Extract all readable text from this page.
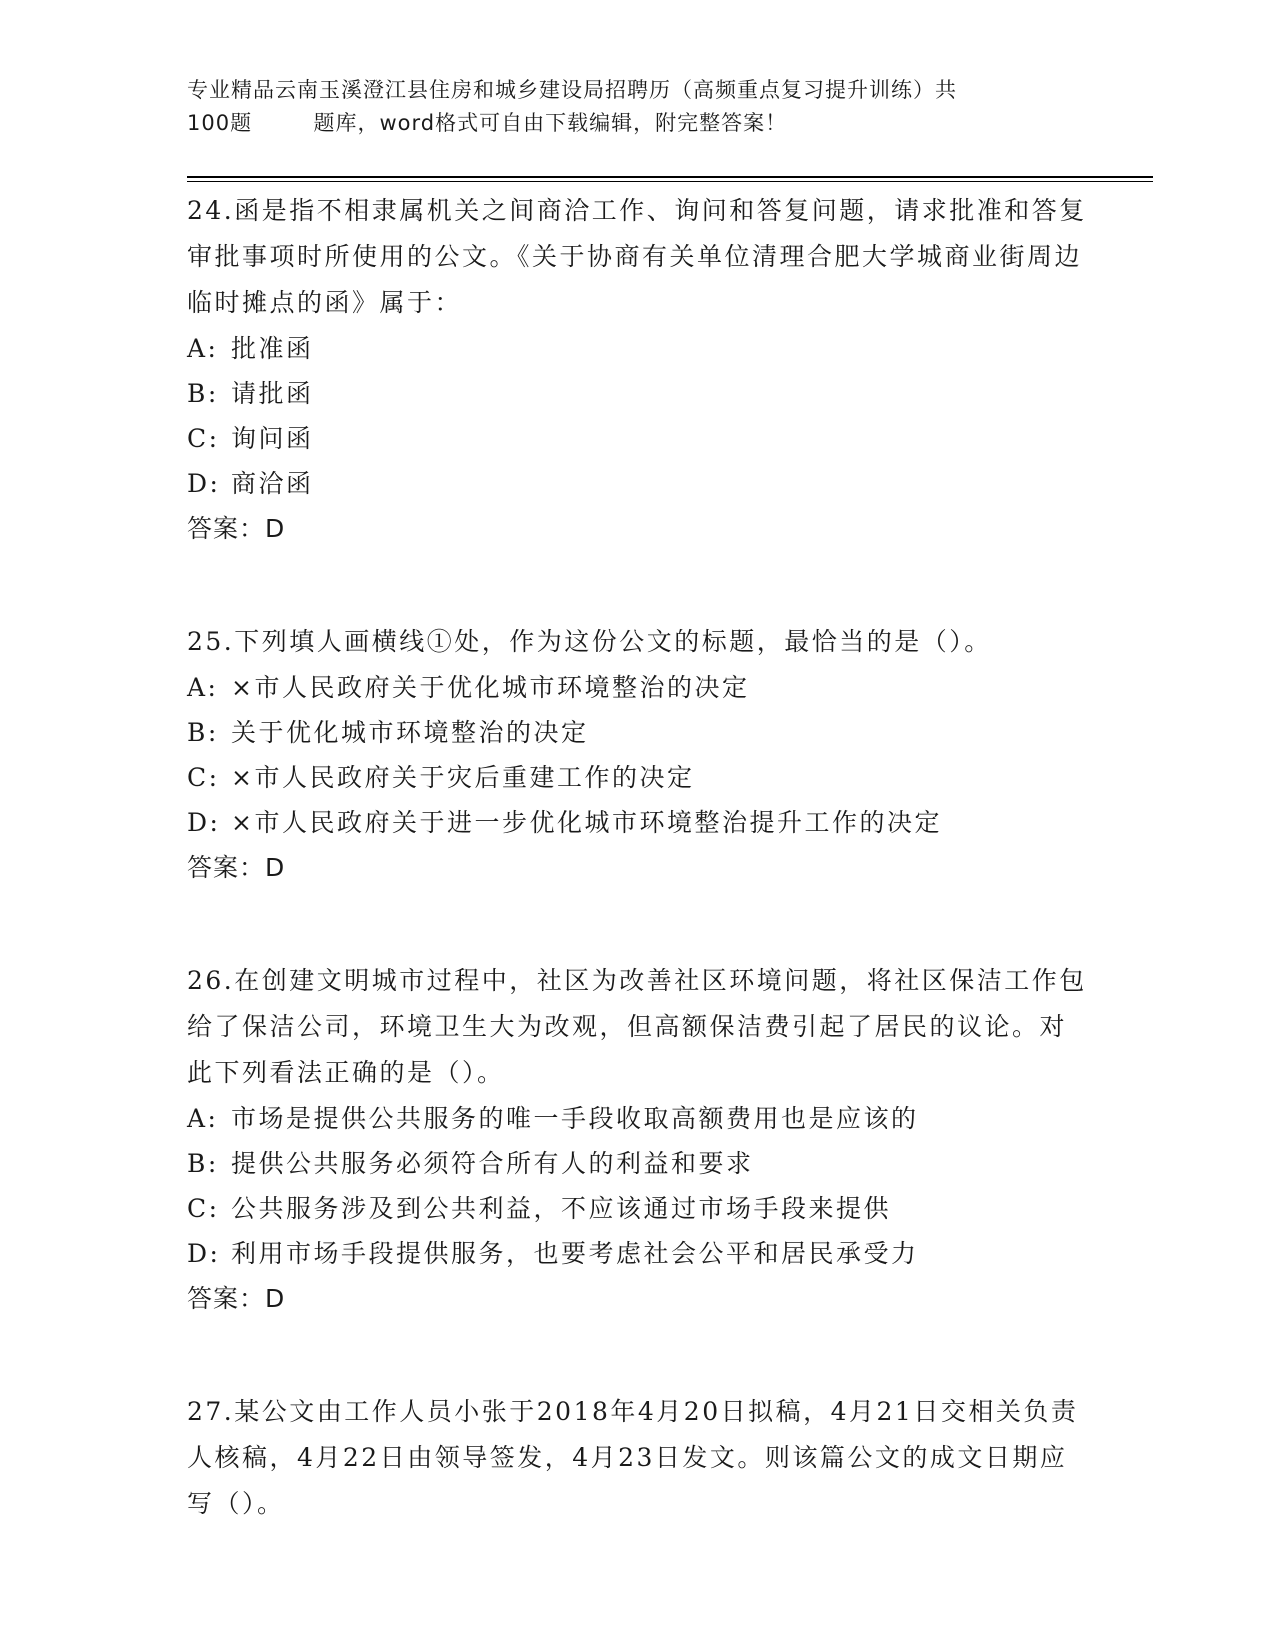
专业精品云南玉溪澄江县住房和城乡建设局招聘历（高频重点复习提升训练）共
100题        题库，word格式可自由下载编辑，附完整答案！
24.函是指不相隶属机关之间商洽工作、询问和答复问题，请求批准和答复审批事项时所使用的公文。《关于协商有关单位清理合肥大学城商业街周边临时摊点的函》属于：
A: 批准函
B: 请批函
C: 询问函
D: 商洽函
答案：D
25.下列填人画横线①处，作为这份公文的标题，最恰当的是（）。
A: ×市人民政府关于优化城市环境整治的决定
B: 关于优化城市环境整治的决定
C: ×市人民政府关于灾后重建工作的决定
D: ×市人民政府关于进一步优化城市环境整治提升工作的决定
答案：D
26.在创建文明城市过程中，社区为改善社区环境问题，将社区保洁工作包给了保洁公司，环境卫生大为改观，但高额保洁费引起了居民的议论。对此下列看法正确的是（）。
A: 市场是提供公共服务的唯一手段收取高额费用也是应该的
B: 提供公共服务必须符合所有人的利益和要求
C: 公共服务涉及到公共利益，不应该通过市场手段来提供
D: 利用市场手段提供服务，也要考虑社会公平和居民承受力
答案：D
27.某公文由工作人员小张于2018年4月20日拟稿，4月21日交相关负责人核稿，4月22日由领导签发，4月23日发文。则该篇公文的成文日期应写（）。
